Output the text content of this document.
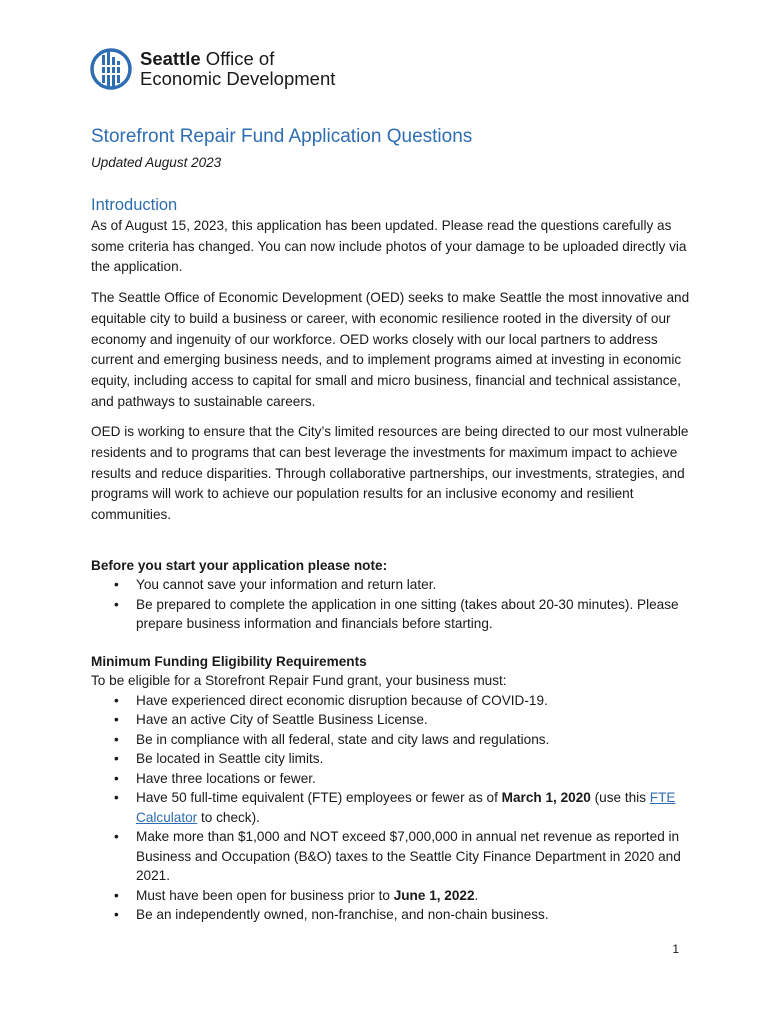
Seattle Office of
Economic Development
Storefront Repair Fund Application Questions
Updated August 2023
Introduction

As of August 15, 2023, this application has been updated. Please read the questions carefully as some criteria has changed. You can now include photos of your damage to be uploaded directly via the application.

The Seattle Office of Economic Development (OED) seeks to make Seattle the most innovative and equitable city to build a business or career, with economic resilience rooted in the diversity of our economy and ingenuity of our workforce. OED works closely with our local partners to address current and emerging business needs, and to implement programs aimed at investing in economic equity, including access to capital for small and micro business, financial and technical assistance, and pathways to sustainable careers.

OED is working to ensure that the City’s limited resources are being directed to our most vulnerable residents and to programs that can best leverage the investments for maximum impact to achieve results and reduce disparities. Through collaborative partnerships, our investments, strategies, and programs will work to achieve our population results for an inclusive economy and resilient communities.

Before you start your application please note:

• You cannot save your information and return later.
• Be prepared to complete the application in one sitting (takes about 20-30 minutes). Please prepare business information and financials before starting.

Minimum Funding Eligibility Requirements

To be eligible for a Storefront Repair Fund grant, your business must:

• Have experienced direct economic disruption because of COVID-19.
• Have an active City of Seattle Business License.
• Be in compliance with all federal, state and city laws and regulations.
• Be located in Seattle city limits.
• Have three locations or fewer.
• Have 50 full-time equivalent (FTE) employees or fewer as of March 1, 2020 (use this FTE Calculator to check).
• Make more than $1,000 and NOT exceed $7,000,000 in annual net revenue as reported in Business and Occupation (B&O) taxes to the Seattle City Finance Department in 2020 and 2021.
• Must have been open for business prior to June 1, 2022.
• Be an independently owned, non-franchise, and non-chain business.
1
